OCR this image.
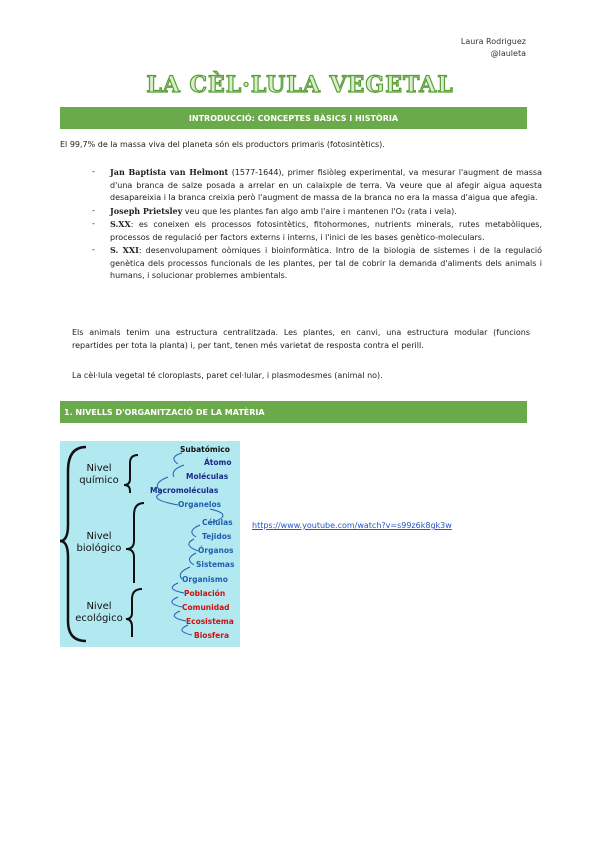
Laura Rodriguez
@lauleta
LA CÈL·LULA VEGETAL
INTRODUCCIÓ: CONCEPTES BÀSICS I HISTÒRIA
El 99,7% de la massa viva del planeta són els productors primaris (fotosintètics).
- Jan Baptista van Helmont (1577-1644), primer fisiòleg experimental, va mesurar l'augment de massa d'una branca de salze posada a arrelar en un calaixple de terra. Va veure que al afegir aigua aquesta desapareixia i la branca creixia però l'augment de massa de la branca no era la massa d'aigua que afegia.
- Joseph Prietsley veu que les plantes fan algo amb l'aire i mantenen l'O₂ (rata i vela).
- S.XX: es coneixen els processos fotosintètics, fitohormones, nutrients minerals, rutes metabòliques, processos de regulació per factors externs i interns, i l'inici de les bases genètico-moleculars.
- S. XXI: desenvolupament oòmiques i bioinformàtica. Intro de la biologia de sistemes i de la regulació genètica dels processos funcionals de les plantes, per tal de cobrir la demanda d'aliments dels animals i humans, i solucionar problemes ambientals.
Els animals tenim una estructura centralitzada. Les plantes, en canvi, una estructura modular (funcions repartides per tota la planta) i, per tant, tenen més varietat de resposta contra el perill.
La cèl·lula vegetal té cloroplasts, paret cel·lular, i plasmodesmes (animal no).
1. NIVELLS D'ORGANITZACIÓ DE LA MATÈRIA
Nivel
químico
Nivel
biológico
Nivel
ecológico
Subatómico
Átomo
Moléculas
Macromoléculas
Organelos
Células
Tejidos
Órganos
Sistemas
Organismo
Población
Comunidad
Ecosistema
Biosfera
https://www.youtube.com/watch?v=s99z6k8gk3w
